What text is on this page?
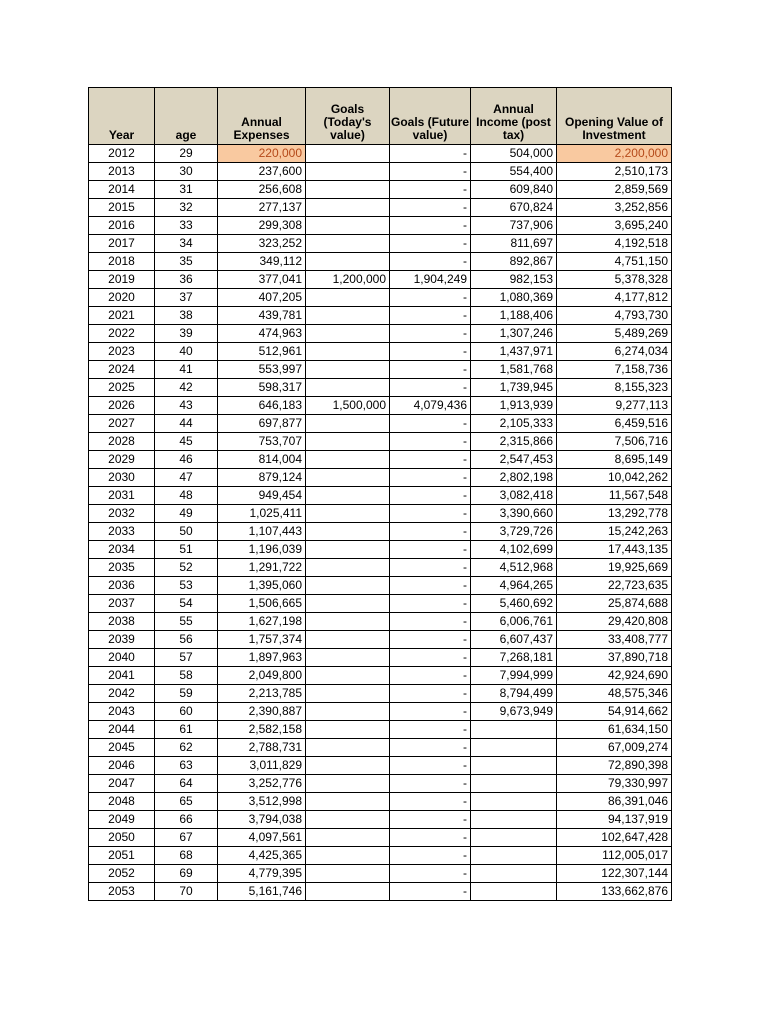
Year	age	Annual Expenses	Goals (Today's value)	Goals (Future value)	Annual Income (post tax)	Opening Value of Investment
2012	29	220,000		-	504,000	2,200,000
2013	30	237,600		-	554,400	2,510,173
2014	31	256,608		-	609,840	2,859,569
2015	32	277,137		-	670,824	3,252,856
2016	33	299,308		-	737,906	3,695,240
2017	34	323,252		-	811,697	4,192,518
2018	35	349,112		-	892,867	4,751,150
2019	36	377,041	1,200,000	1,904,249	982,153	5,378,328
2020	37	407,205		-	1,080,369	4,177,812
2021	38	439,781		-	1,188,406	4,793,730
2022	39	474,963		-	1,307,246	5,489,269
2023	40	512,961		-	1,437,971	6,274,034
2024	41	553,997		-	1,581,768	7,158,736
2025	42	598,317		-	1,739,945	8,155,323
2026	43	646,183	1,500,000	4,079,436	1,913,939	9,277,113
2027	44	697,877		-	2,105,333	6,459,516
2028	45	753,707		-	2,315,866	7,506,716
2029	46	814,004		-	2,547,453	8,695,149
2030	47	879,124		-	2,802,198	10,042,262
2031	48	949,454		-	3,082,418	11,567,548
2032	49	1,025,411		-	3,390,660	13,292,778
2033	50	1,107,443		-	3,729,726	15,242,263
2034	51	1,196,039		-	4,102,699	17,443,135
2035	52	1,291,722		-	4,512,968	19,925,669
2036	53	1,395,060		-	4,964,265	22,723,635
2037	54	1,506,665		-	5,460,692	25,874,688
2038	55	1,627,198		-	6,006,761	29,420,808
2039	56	1,757,374		-	6,607,437	33,408,777
2040	57	1,897,963		-	7,268,181	37,890,718
2041	58	2,049,800		-	7,994,999	42,924,690
2042	59	2,213,785		-	8,794,499	48,575,346
2043	60	2,390,887		-	9,673,949	54,914,662
2044	61	2,582,158		-		61,634,150
2045	62	2,788,731		-		67,009,274
2046	63	3,011,829		-		72,890,398
2047	64	3,252,776		-		79,330,997
2048	65	3,512,998		-		86,391,046
2049	66	3,794,038		-		94,137,919
2050	67	4,097,561		-		102,647,428
2051	68	4,425,365		-		112,005,017
2052	69	4,779,395		-		122,307,144
2053	70	5,161,746		-		133,662,876
